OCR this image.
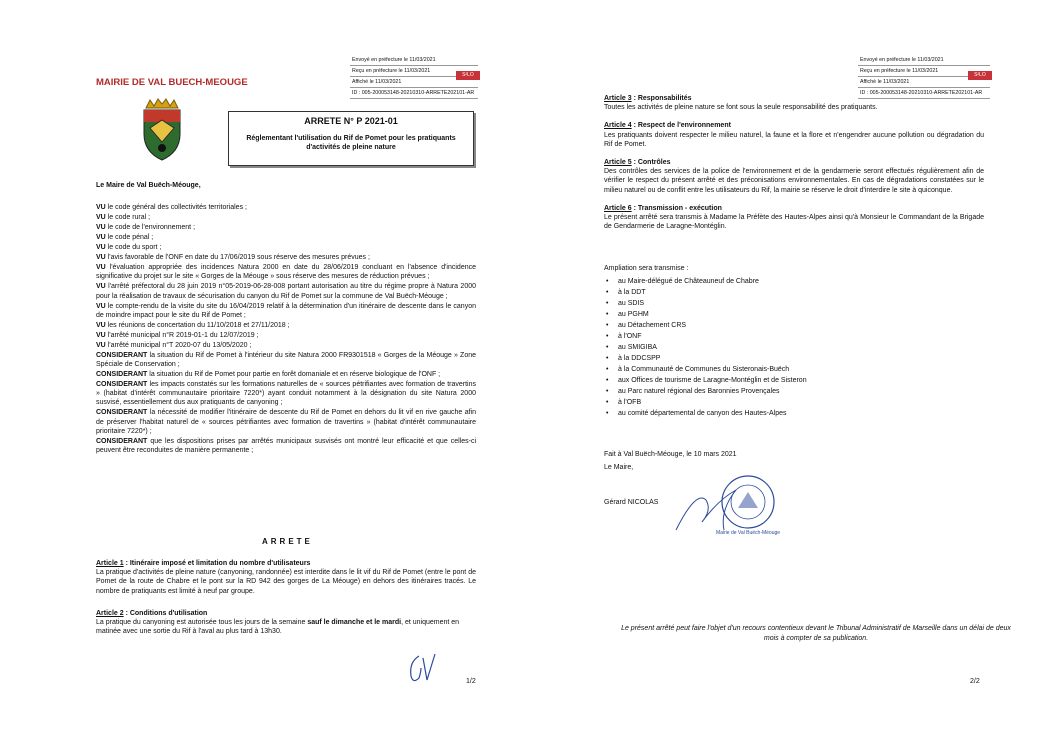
Envoyé en préfecture le 11/03/2021
Reçu en préfecture le 11/03/2021
Affiché le 11/03/2021
ID : 005-200053148-20210310-ARRETE202101-AR
S²LO
MAIRIE DE VAL BUECH-MEOUGE
ARRETE N° P 2021-01
Réglementant l'utilisation du Rif de Pomet pour les pratiquants d'activités de pleine nature

Le Maire de Val Buëch-Méouge,

VU le code général des collectivités territoriales ;

VU le code rural ;

VU le code de l'environnement ;

VU le code pénal ;

VU le code du sport ;

VU l'avis favorable de l'ONF en date du 17/06/2019 sous réserve des mesures prévues ;

VU l'évaluation appropriée des incidences Natura 2000 en date du 28/06/2019 concluant en l'absence d'incidence significative du projet sur le site « Gorges de la Méouge » sous réserve des mesures de réduction prévues ;

VU l'arrêté préfectoral du 28 juin 2019 n°05-2019-06-28-008 portant autorisation au titre du régime propre à Natura 2000 pour la réalisation de travaux de sécurisation du canyon du Rif de Pomet sur la commune de Val Buëch-Méouge ;

VU le compte-rendu de la visite du site du 16/04/2019 relatif à la détermination d'un itinéraire de descente dans le canyon de moindre impact pour le site du Rif de Pomet ;

VU les réunions de concertation du 11/10/2018 et 27/11/2018 ;

VU l'arrêté municipal n°R 2019-01-1 du 12/07/2019 ;

VU l'arrêté municipal n°T 2020-07 du 13/05/2020 ;

CONSIDERANT la situation du Rif de Pomet à l'intérieur du site Natura 2000 FR9301518 « Gorges de la Méouge » Zone Spéciale de Conservation ;

CONSIDERANT la situation du Rif de Pomet pour partie en forêt domaniale et en réserve biologique de l'ONF ;

CONSIDERANT les impacts constatés sur les formations naturelles de « sources pétrifiantes avec formation de travertins » (habitat d'intérêt communautaire prioritaire 7220*) ayant conduit notamment à la désignation du site Natura 2000 susvisé, essentiellement dus aux pratiquants de canyoning ;

CONSIDERANT la nécessité de modifier l'itinéraire de descente du Rif de Pomet en dehors du lit vif en rive gauche afin de préserver l'habitat naturel de « sources pétrifiantes avec formation de travertins » (habitat d'intérêt communautaire prioritaire 7220*) ;

CONSIDERANT que les dispositions prises par arrêtés municipaux susvisés ont montré leur efficacité et que celles-ci peuvent être reconduites de manière permanente ;

ARRETE

Article 1 : Itinéraire imposé et limitation du nombre d'utilisateurs

La pratique d'activités de pleine nature (canyoning, randonnée) est interdite dans le lit vif du Rif de Pomet (entre le pont de Pomet de la route de Chabre et le pont sur la RD 942 des gorges de La Méouge) en dehors des itinéraires tracés. Le nombre de pratiquants est limité à neuf par groupe.

Article 2 : Conditions d'utilisation

La pratique du canyoning est autorisée tous les jours de la semaine sauf le dimanche et le mardi, et uniquement en matinée avec une sortie du Rif à l'aval au plus tard à 13h30.

1/2
Envoyé en préfecture le 11/03/2021
Reçu en préfecture le 11/03/2021
Affiché le 11/03/2021
ID : 005-200053148-20210310-ARRETE202101-AR
S²LO

Article 3 : Responsabilités

Toutes les activités de pleine nature se font sous la seule responsabilité des pratiquants.

Article 4 : Respect de l'environnement

Les pratiquants doivent respecter le milieu naturel, la faune et la flore et n'engendrer aucune pollution ou dégradation du Rif de Pomet.

Article 5 : Contrôles

Des contrôles des services de la police de l'environnement et de la gendarmerie seront effectués régulièrement afin de vérifier le respect du présent arrêté et des préconisations environnementales. En cas de dégradations constatées sur le milieu naturel ou de conflit entre les utilisateurs du Rif, la mairie se réserve le droit d'interdire le site à quiconque.

Article 6 : Transmission - exécution

Le présent arrêté sera transmis à Madame la Préfète des Hautes-Alpes ainsi qu'à Monsieur le Commandant de la Brigade de Gendarmerie de Laragne-Montéglin.

Ampliation sera transmise :

• au Maire-délégué de Châteauneuf de Chabre
• à la DDT
• au SDIS
• au PGHM
• au Détachement CRS
• à l'ONF
• au SMIGIBA
• à la DDCSPP
• à la Communauté de Communes du Sisteronais-Buëch
• aux Offices de tourisme de Laragne-Montéglin et de Sisteron
• au Parc naturel régional des Baronnies Provençales
• à l'OFB
• au comité départemental de canyon des Hautes-Alpes

Fait à Val Buëch-Méouge, le 10 mars 2021

Le Maire,

Gérard NICOLAS

Mairie de Val Buëch-Méouge
Le présent arrêté peut faire l'objet d'un recours contentieux devant le Tribunal Administratif de Marseille dans un délai de deux mois à compter de sa publication.
2/2
